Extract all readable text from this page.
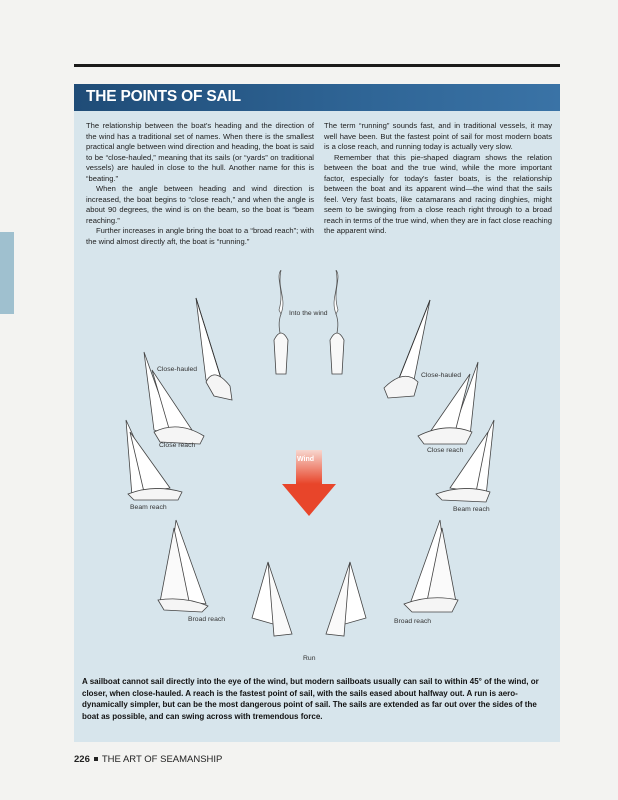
THE POINTS OF SAIL

The relationship between the boat's heading and the direction of the wind has a traditional set of names. When there is the smallest practical angle between wind direction and heading, the boat is said to be “close-hauled,” meaning that its sails (or “yards” on traditional vessels) are hauled in close to the hull. Another name for this is “beating.”

When the angle between heading and wind direction is increased, the boat begins to “close reach,” and when the angle is about 90 degrees, the wind is on the beam, so the boat is “beam reaching.”

Further increases in angle bring the boat to a “broad reach”; with the wind almost directly aft, the boat is “running.”

The term “running” sounds fast, and in traditional vessels, it may well have been. But the fastest point of sail for most modern boats is a close reach, and running today is actually very slow.

Remember that this pie-shaped diagram shows the relation between the boat and the true wind, while the more important factor, especially for today's faster boats, is the relationship between the boat and its apparent wind—the wind that the sails feel. Very fast boats, like catamarans and racing dinghies, might seem to be swinging from a close reach right through to a broad reach in terms of the true wind, when they are in fact close reaching the apparent wind.

Into the wind
Close-hauled
Close-hauled
Close reach
Close reach
Beam reach	Beam reach
Broad reach	Broad reach
Run
Wind
A sailboat cannot sail directly into the eye of the wind, but modern sailboats usually can sail to within 45° of the wind, or closer, when close-hauled. A reach is the fastest point of sail, with the sails eased about halfway out. A run is aero-dynamically simpler, but can be the most dangerous point of sail. The sails are extended as far out over the sides of the boat as possible, and can swing across with tremendous force.
226 THE ART OF SEAMANSHIP
